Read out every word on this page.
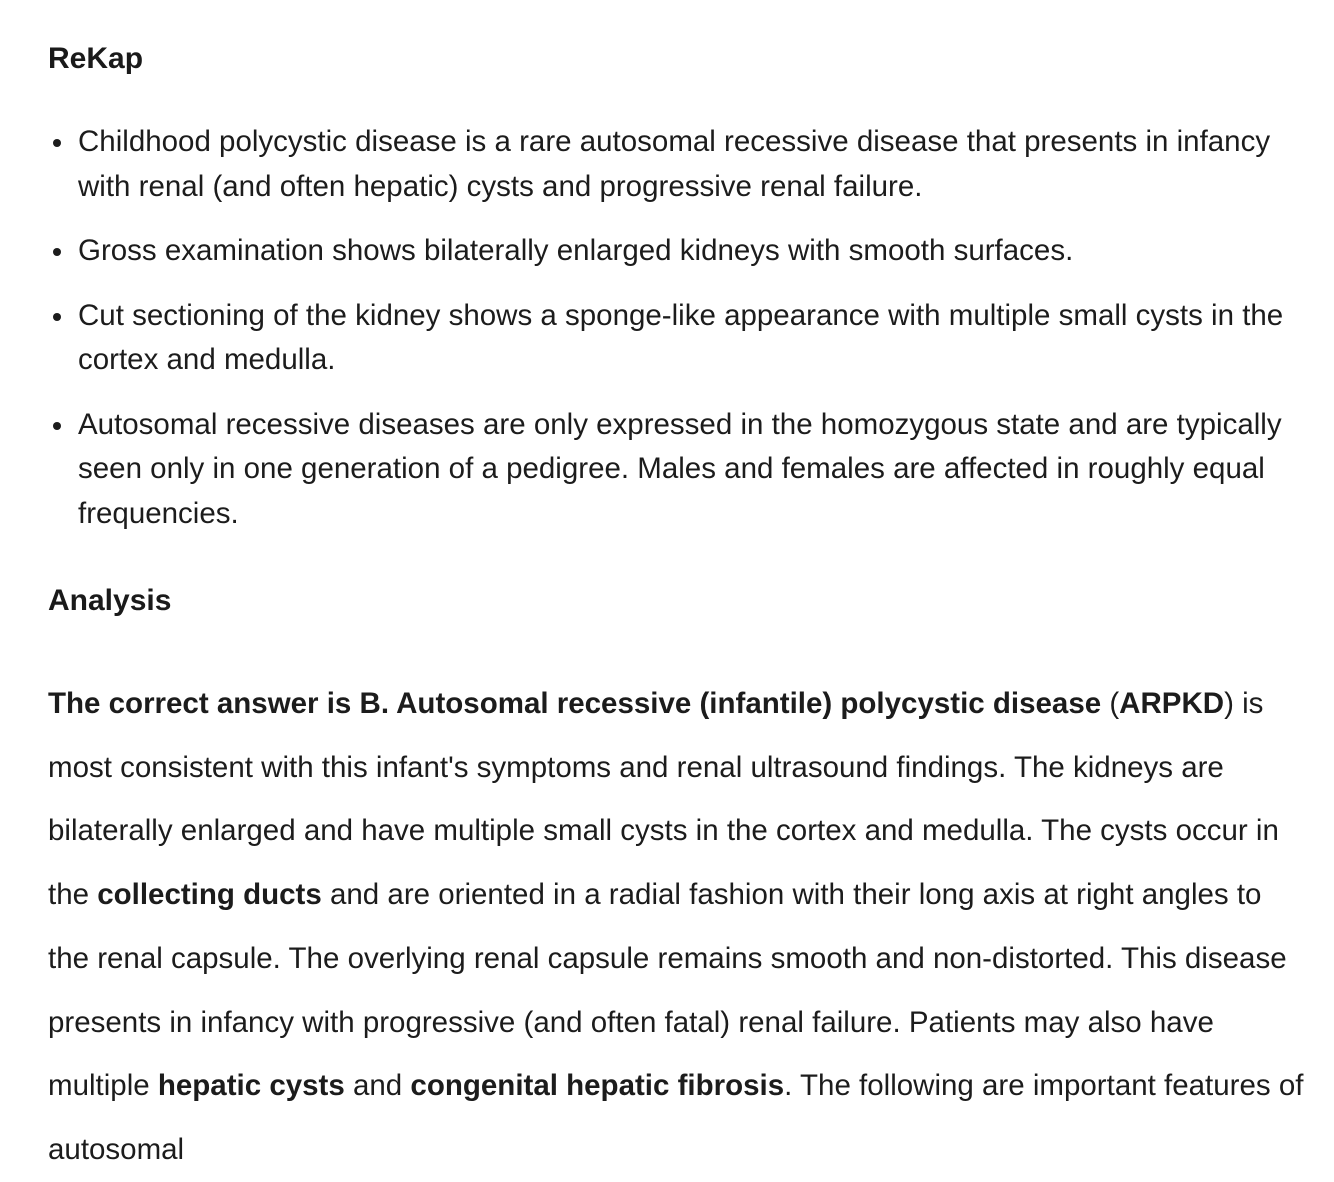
ReKap
Childhood polycystic disease is a rare autosomal recessive disease that presents in infancy with renal (and often hepatic) cysts and progressive renal failure.
Gross examination shows bilaterally enlarged kidneys with smooth surfaces.
Cut sectioning of the kidney shows a sponge-like appearance with multiple small cysts in the cortex and medulla.
Autosomal recessive diseases are only expressed in the homozygous state and are typically seen only in one generation of a pedigree. Males and females are affected in roughly equal frequencies.
Analysis

The correct answer is B. Autosomal recessive (infantile) polycystic disease (ARPKD) is most consistent with this infant's symptoms and renal ultrasound findings. The kidneys are bilaterally enlarged and have multiple small cysts in the cortex and medulla. The cysts occur in the collecting ducts and are oriented in a radial fashion with their long axis at right angles to the renal capsule. The overlying renal capsule remains smooth and non-distorted. This disease presents in infancy with progressive (and often fatal) renal failure. Patients may also have multiple hepatic cysts and congenital hepatic fibrosis. The following are important features of autosomal
